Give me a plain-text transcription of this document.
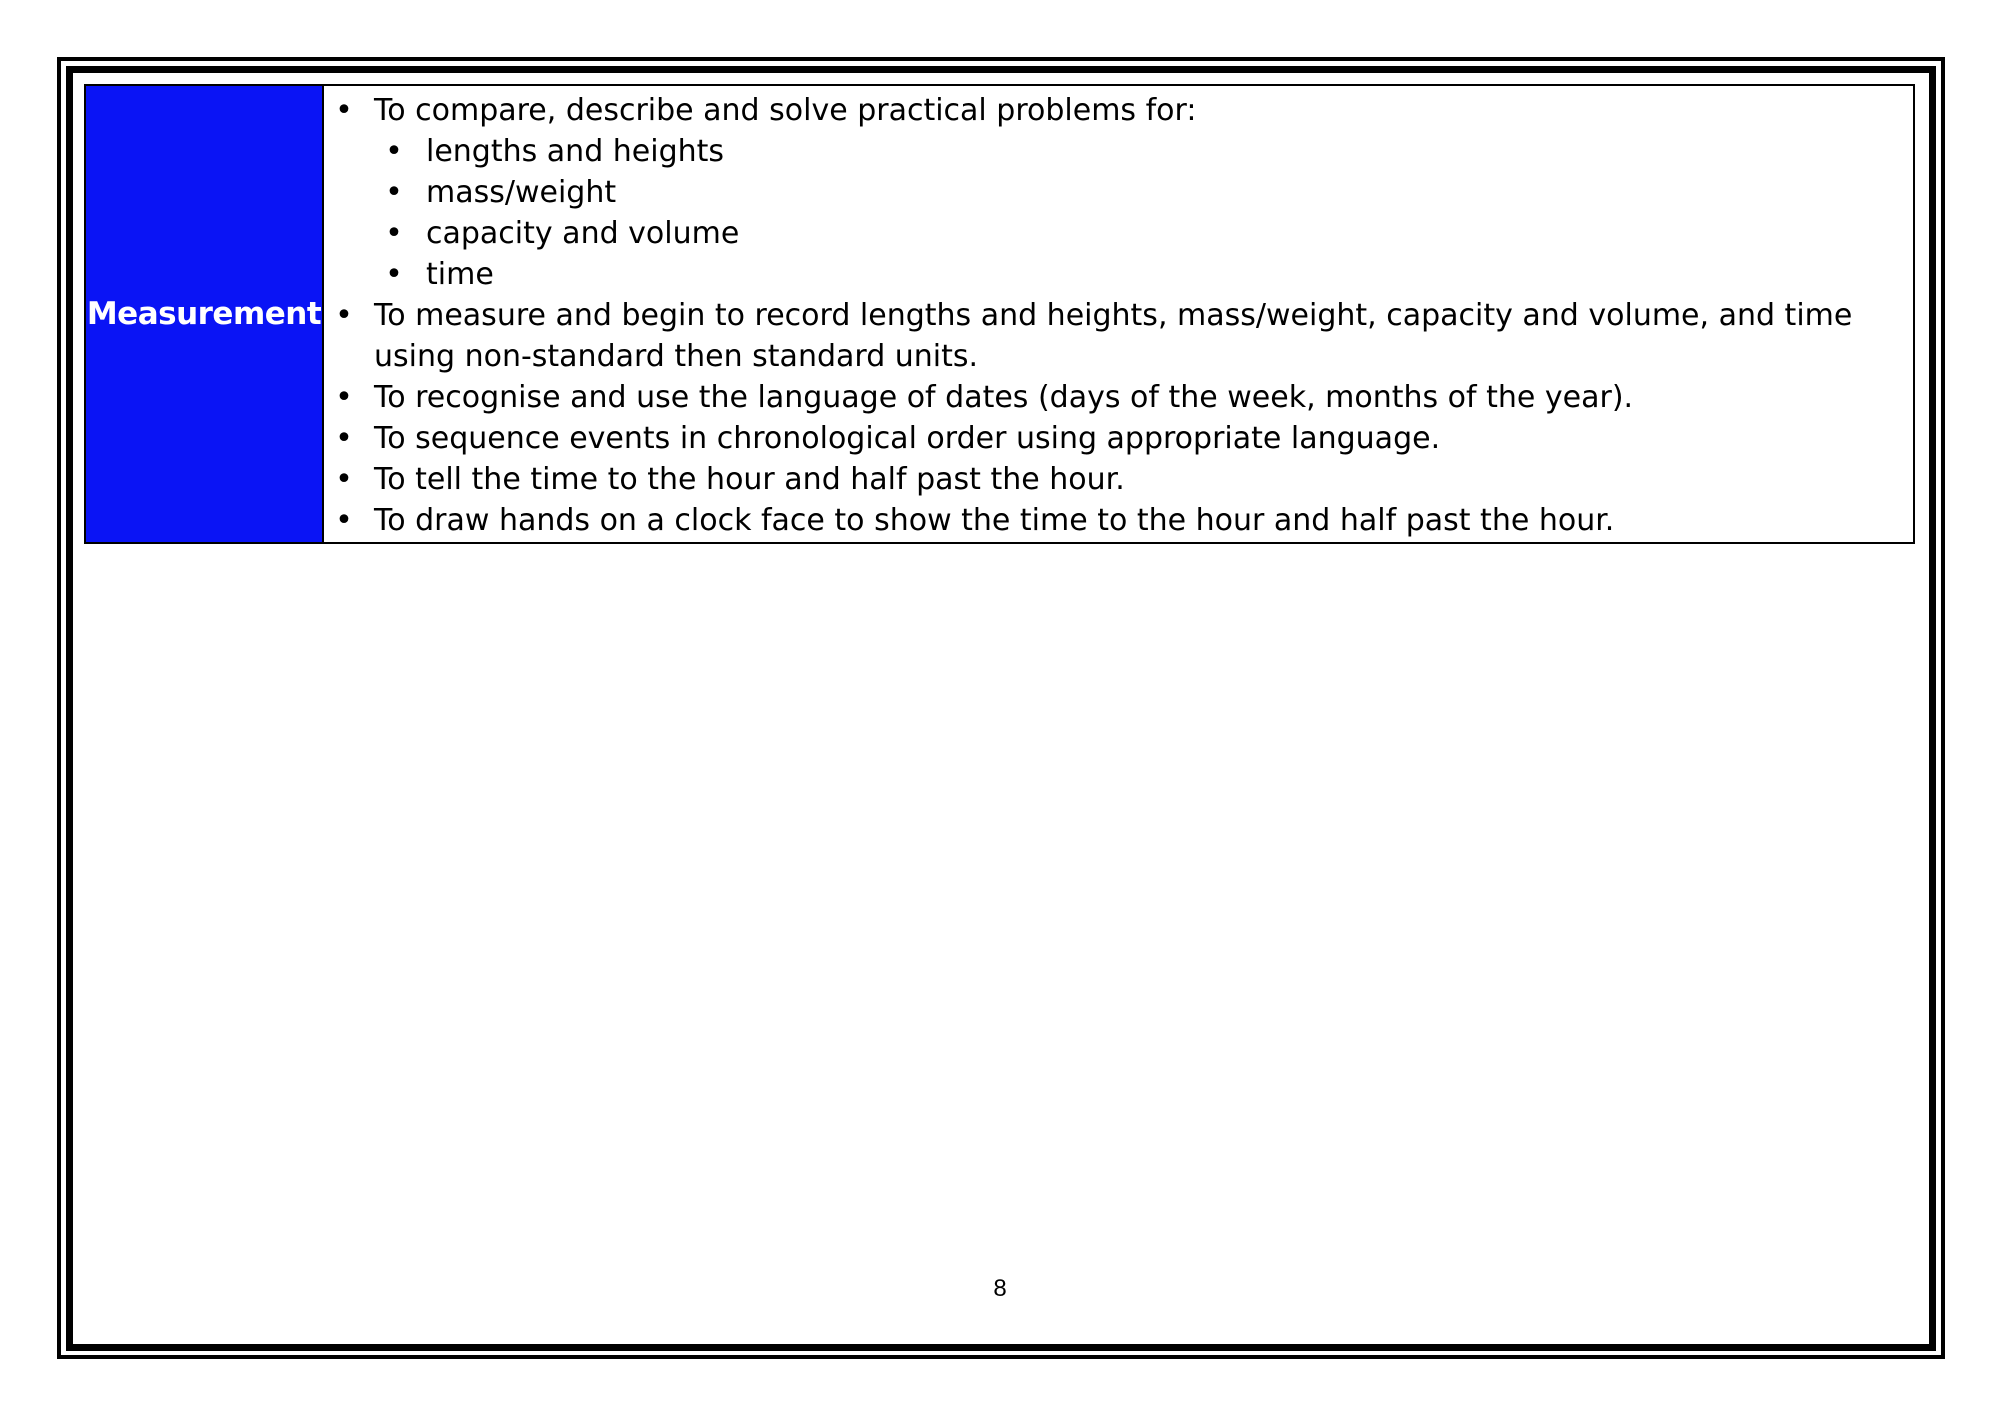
Measurement	
• To compare, describe and solve practical problems for:
• lengths and heights
• mass/weight
• capacity and volume
• time
• To measure and begin to record lengths and heights, mass/weight, capacity and volume, and time using non-standard then standard units.
• To recognise and use the language of dates (days of the week, months of the year).
• To sequence events in chronological order using appropriate language.
• To tell the time to the hour and half past the hour.
• To draw hands on a clock face to show the time to the hour and half past the hour.
8
